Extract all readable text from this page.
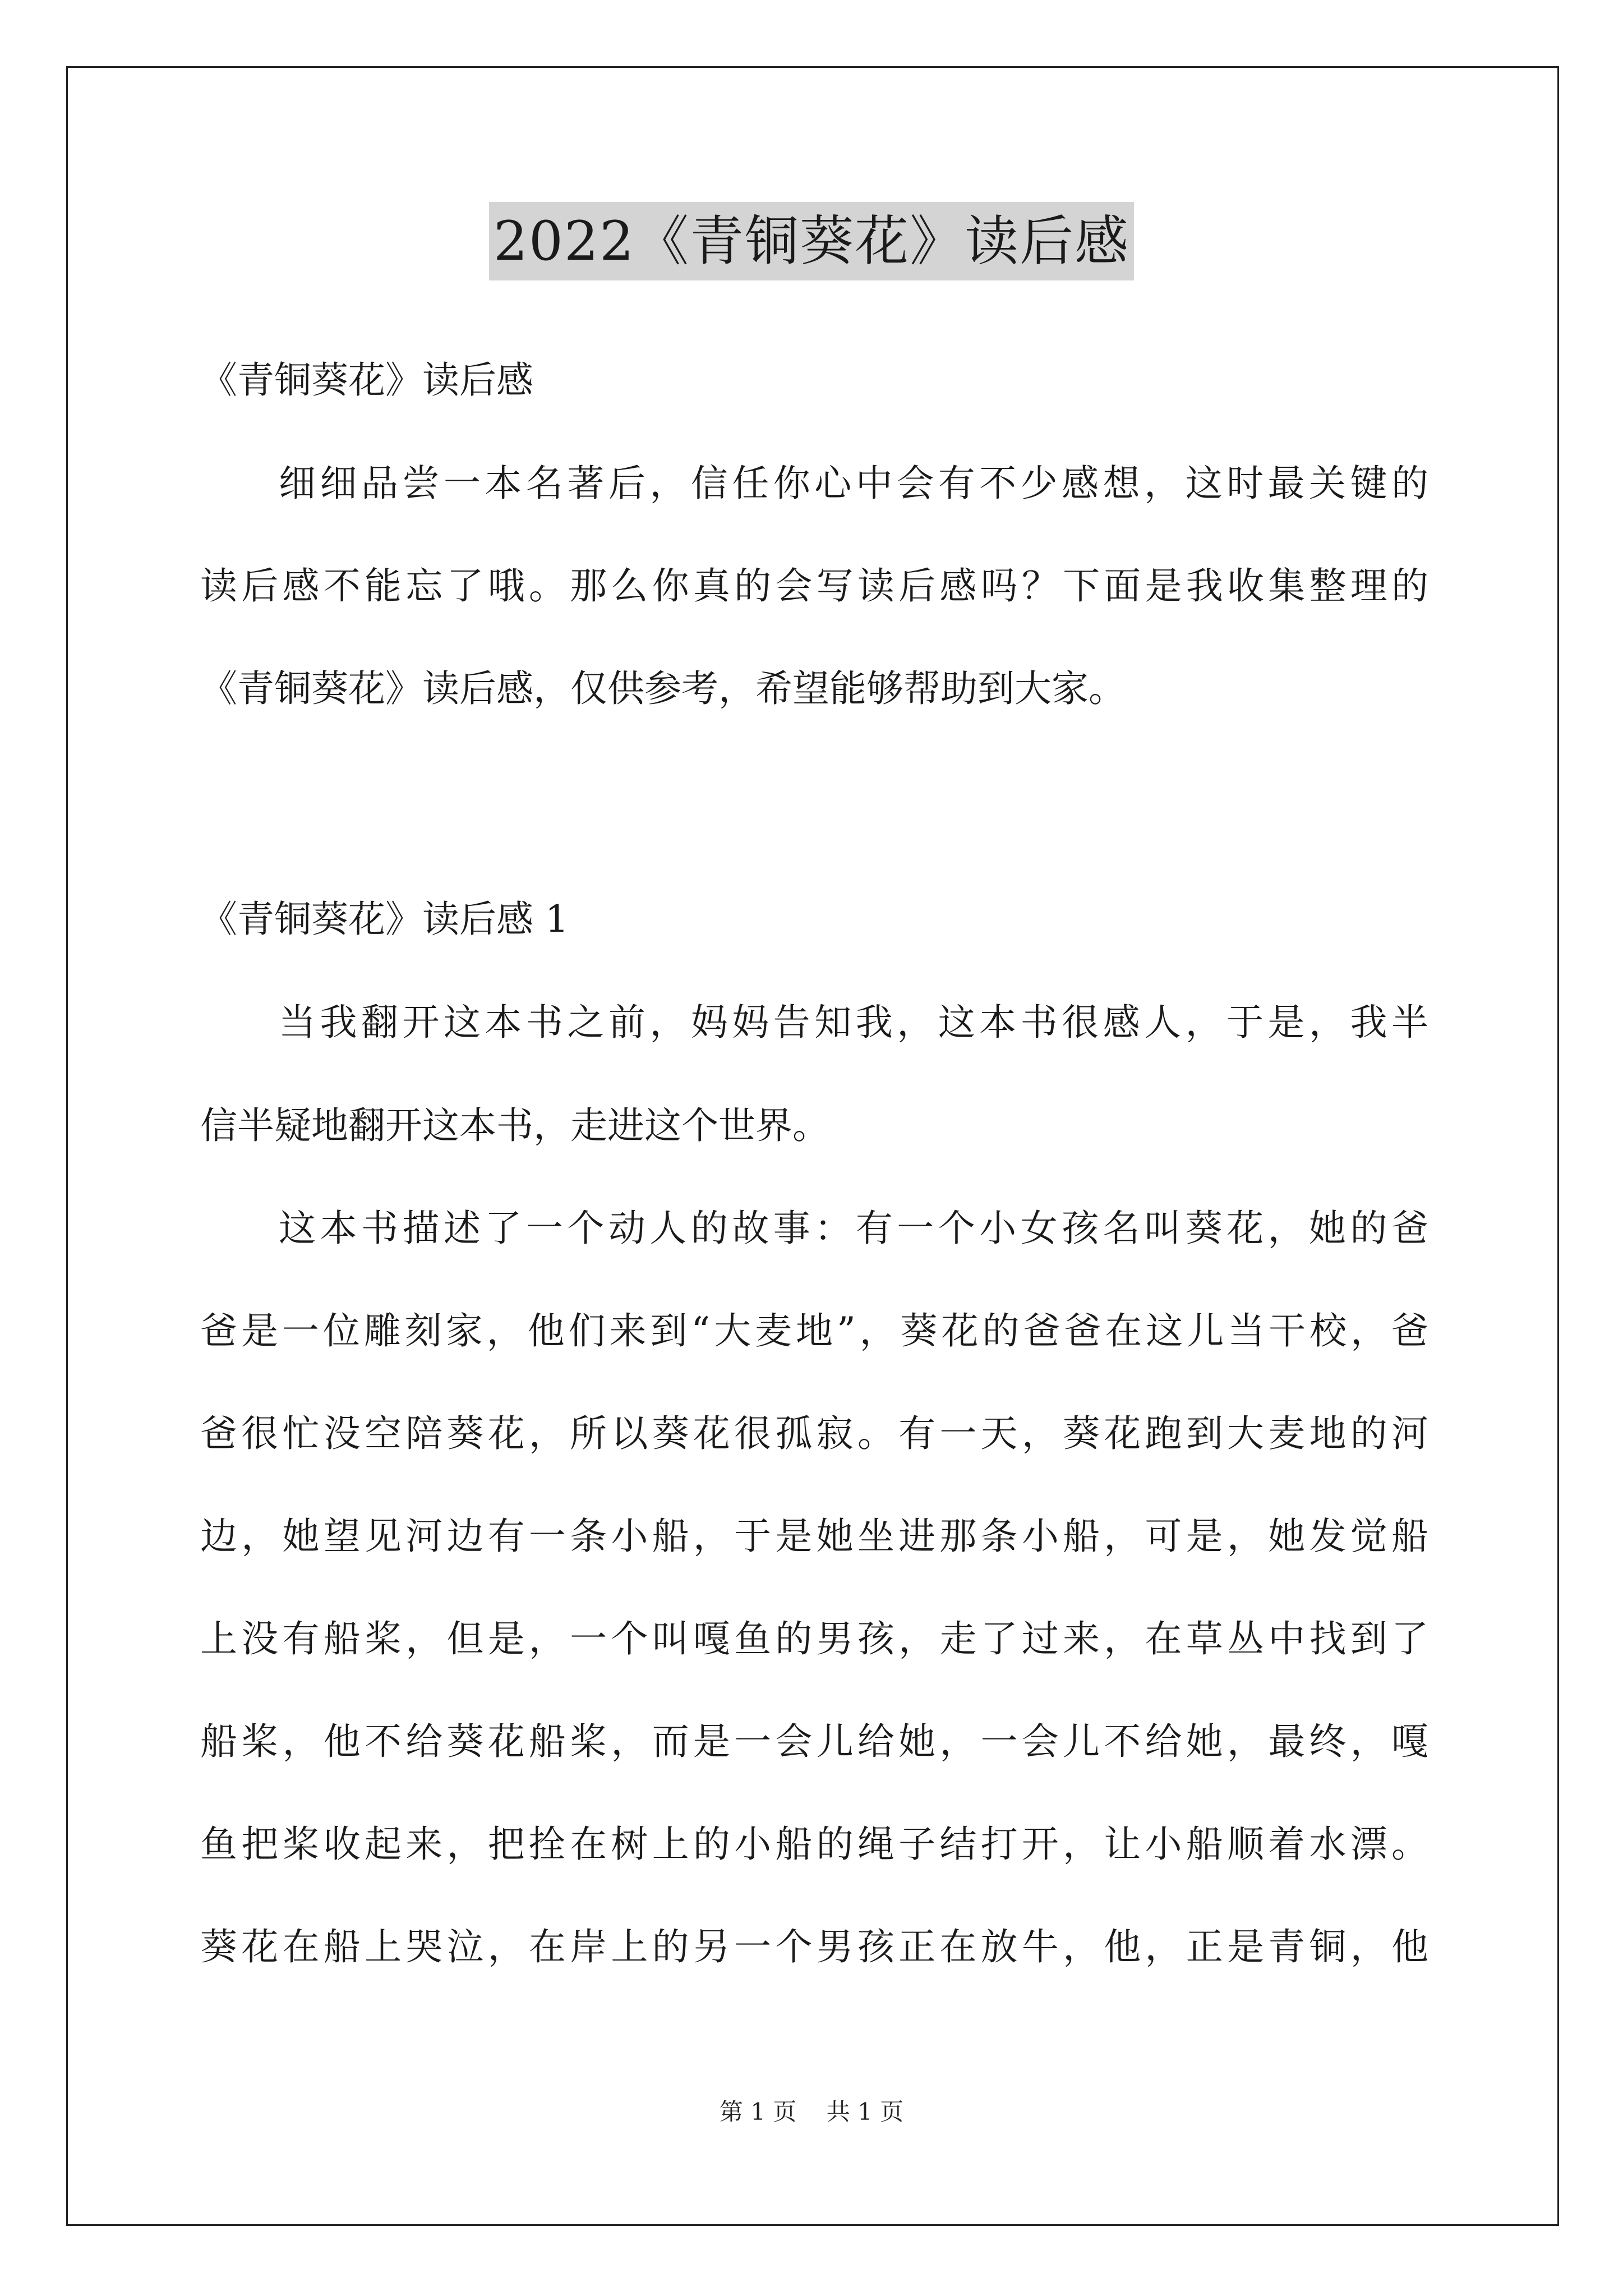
2022《青铜葵花》读后感
《青铜葵花》读后感
细细品尝一本名著后，信任你心中会有不少感想，这时最关键的
读后感不能忘了哦。那么你真的会写读后感吗？下面是我收集整理的
《青铜葵花》读后感，仅供参考，希望能够帮助到大家。
《青铜葵花》读后感 1
当我翻开这本书之前，妈妈告知我，这本书很感人，于是，我半
信半疑地翻开这本书，走进这个世界。
这本书描述了一个动人的故事：有一个小女孩名叫葵花，她的爸
爸是一位雕刻家，他们来到“大麦地”，葵花的爸爸在这儿当干校，爸
爸很忙没空陪葵花，所以葵花很孤寂。有一天，葵花跑到大麦地的河
边，她望见河边有一条小船，于是她坐进那条小船，可是，她发觉船
上没有船桨，但是，一个叫嘎鱼的男孩，走了过来，在草丛中找到了
船桨，他不给葵花船桨，而是一会儿给她，一会儿不给她，最终，嘎
鱼把桨收起来，把拴在树上的小船的绳子结打开，让小船顺着水漂。
葵花在船上哭泣，在岸上的另一个男孩正在放牛，他，正是青铜，他
第 1 页    共 1 页
